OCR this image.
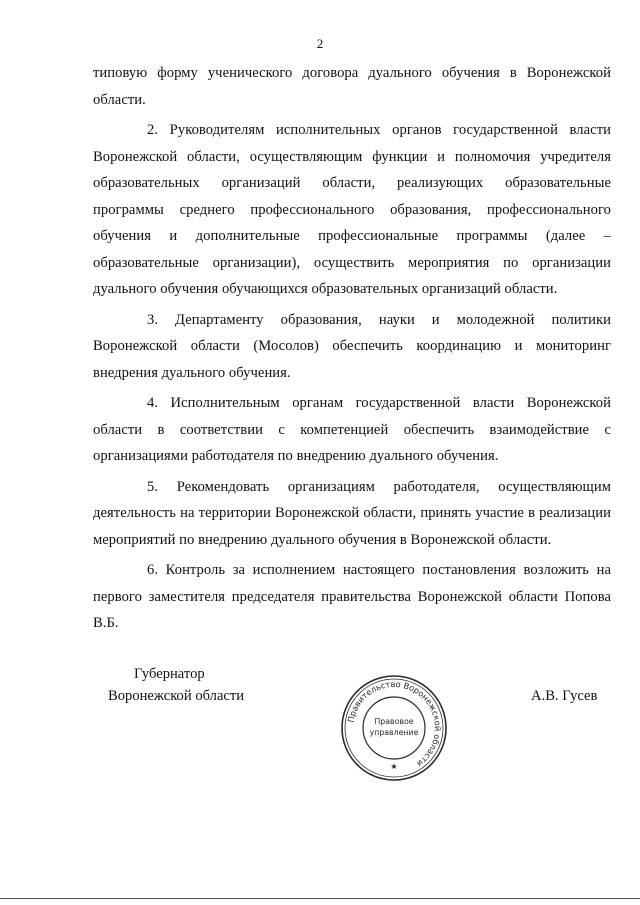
2

типовую форму ученического договора дуального обучения в Воронежской области.

2. Руководителям исполнительных органов государственной власти Воронежской области, осуществляющим функции и полномочия учредителя образовательных организаций области, реализующих образовательные программы среднего профессионального образования, профессионального обучения и дополнительные профессиональные программы (далее – образовательные организации), осуществить мероприятия по организации дуального обучения обучающихся образовательных организаций области.

3. Департаменту образования, науки и молодежной политики Воронежской области (Мосолов) обеспечить координацию и мониторинг внедрения дуального обучения.

4. Исполнительным органам государственной власти Воронежской области в соответствии с компетенцией обеспечить взаимодействие с организациями работодателя по внедрению дуального обучения.

5. Рекомендовать организациям работодателя, осуществляющим деятельность на территории Воронежской области, принять участие в реализации мероприятий по внедрению дуального обучения в Воронежской области.

6. Контроль за исполнением настоящего постановления возложить на первого заместителя председателя правительства Воронежской области Попова В.Б.

Губернатор
Воронежской области
Правительство Воронежской области
Правовое
управление
★
А.В. Гусев
